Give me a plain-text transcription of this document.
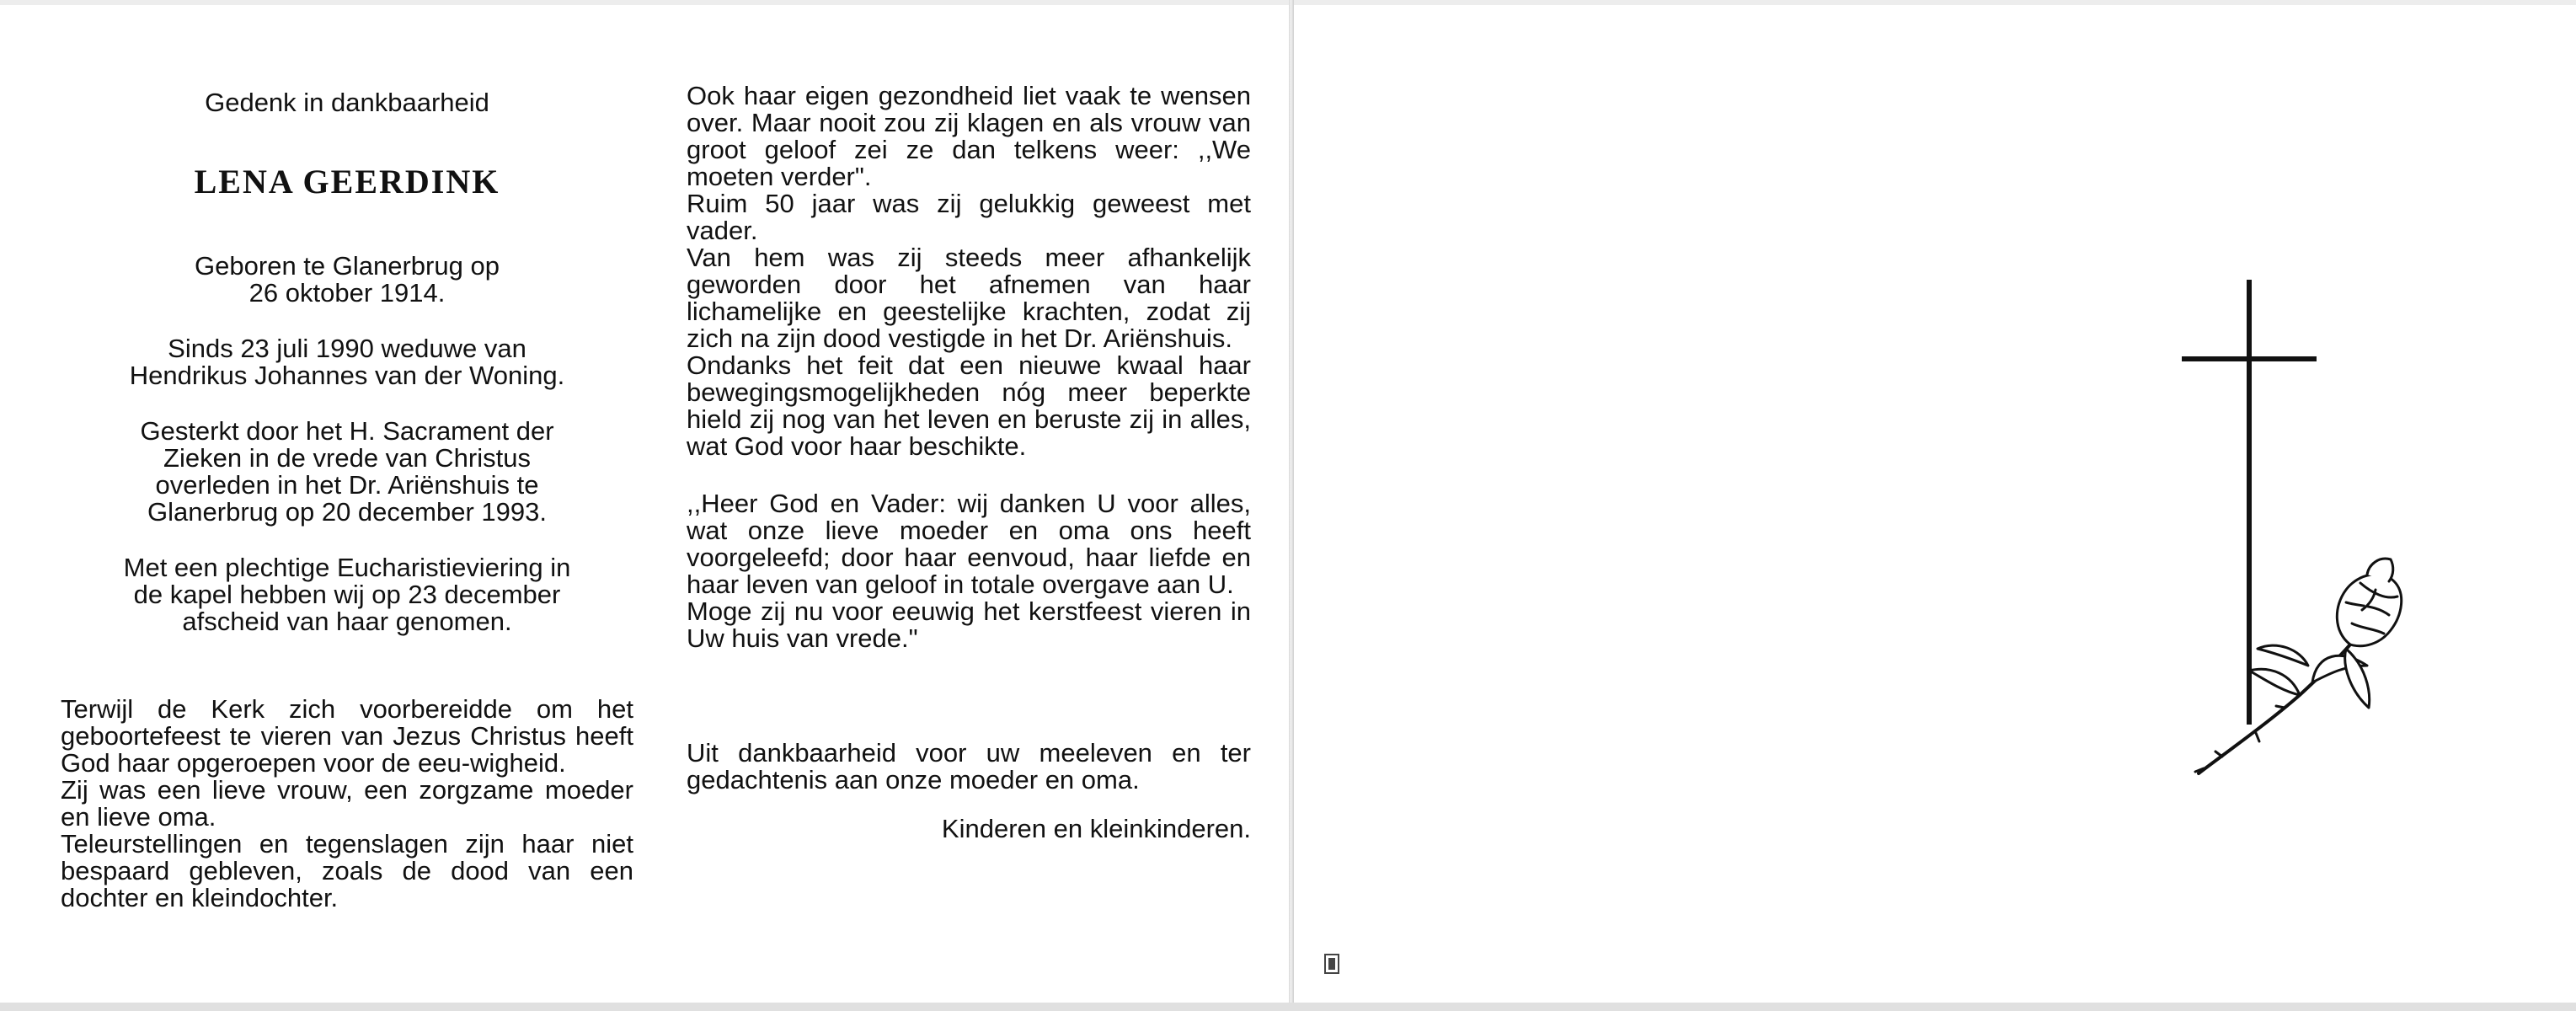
Gedenk in dankbaarheid

LENA GEERDINK

Geboren te Glanerbrug op

26 oktober 1914.

Sinds 23 juli 1990 weduwe van

Hendrikus Johannes van der Woning.

Gesterkt door het H. Sacrament der

Zieken in de vrede van Christus

overleden in het Dr. Ariënshuis te

Glanerbrug op 20 december 1993.

Met een plechtige Eucharistieviering in

de kapel hebben wij op 23 december

afscheid van haar genomen.

Terwijl de Kerk zich voorbereidde om het geboortefeest te vieren van Jezus Christus heeft God haar opgeroepen voor de eeu-wigheid.

Zij was een lieve vrouw, een zorgzame moeder en lieve oma.

Teleurstellingen en tegenslagen zijn haar niet bespaard gebleven, zoals de dood van een dochter en kleindochter.

Ook haar eigen gezondheid liet vaak te wensen over. Maar nooit zou zij klagen en als vrouw van groot geloof zei ze dan telkens weer: ,,We moeten verder".

Ruim 50 jaar was zij gelukkig geweest met vader.

Van hem was zij steeds meer afhankelijk geworden door het afnemen van haar lichamelijke en geestelijke krachten, zodat zij zich na zijn dood vestigde in het Dr. Ariënshuis.

Ondanks het feit dat een nieuwe kwaal haar bewegingsmogelijkheden nóg meer beperkte hield zij nog van het leven en beruste zij in alles, wat God voor haar beschikte.

,,Heer God en Vader: wij danken U voor alles, wat onze lieve moeder en oma ons heeft voorgeleefd; door haar eenvoud, haar liefde en haar leven van geloof in totale overgave aan U.

Moge zij nu voor eeuwig het kerstfeest vieren in Uw huis van vrede."

Uit dankbaarheid voor uw meeleven en ter gedachtenis aan onze moeder en oma.

Kinderen en kleinkinderen.
